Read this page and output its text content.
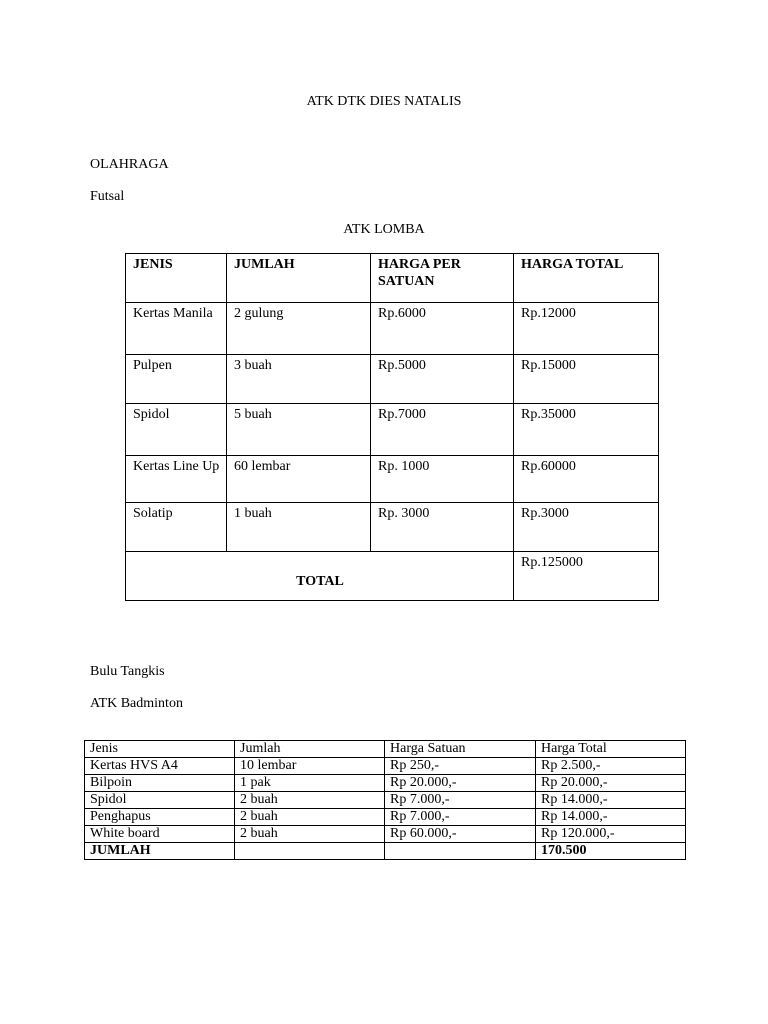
ATK DTK DIES NATALIS
OLAHRAGA
Futsal
ATK LOMBA
JENIS	JUMLAH	HARGA PER SATUAN	HARGA TOTAL
Kertas Manila	2 gulung	Rp.6000	Rp.12000
Pulpen	3 buah	Rp.5000	Rp.15000
Spidol	5 buah	Rp.7000	Rp.35000
Kertas Line Up	60 lembar	Rp. 1000	Rp.60000
Solatip	1 buah	Rp. 3000	Rp.3000
TOTAL			Rp.125000
Bulu Tangkis
ATK Badminton
Jenis	Jumlah	Harga Satuan	Harga Total
Kertas HVS A4	10 lembar	Rp 250,-	Rp 2.500,-
Bilpoin	1 pak	Rp 20.000,-	Rp 20.000,-
Spidol	2 buah	Rp 7.000,-	Rp 14.000,-
Penghapus	2 buah	Rp 7.000,-	Rp 14.000,-
White board	2 buah	Rp 60.000,-	Rp 120.000,-
JUMLAH			170.500
